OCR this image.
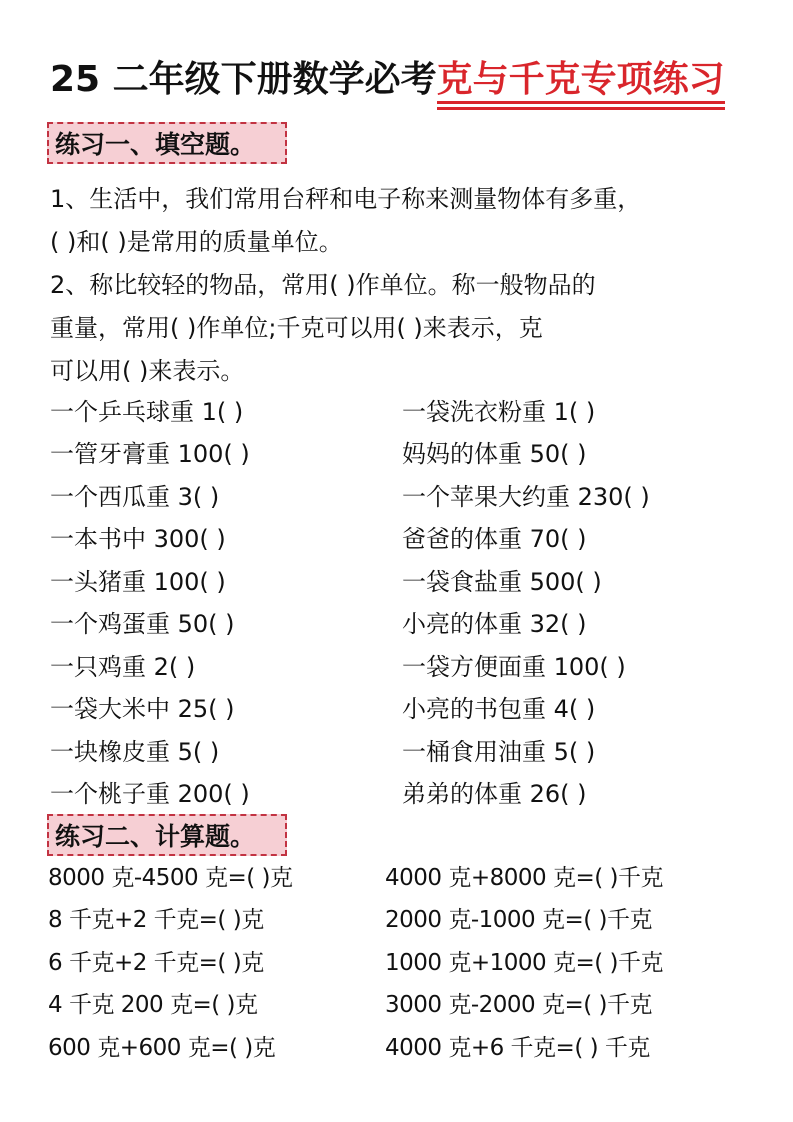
25 二年级下册数学必考克与千克专项练习
练习一、填空题。
1、生活中，我们常用台秤和电子称来测量物体有多重，
( )和( )是常用的质量单位。
2、称比较轻的物品，常用( )作单位。称一般物品的
重量，常用( )作单位;千克可以用( )来表示，克
可以用( )来表示。
一个乒乓球重 1( )	一袋洗衣粉重 1( )
一管牙膏重 100( )	妈妈的体重 50( )
一个西瓜重 3( )	一个苹果大约重 230( )
一本书中 300( )	爸爸的体重 70( )
一头猪重 100( )	一袋食盐重 500( )
一个鸡蛋重 50( )	小亮的体重 32( )
一只鸡重 2( )	一袋方便面重 100( )
一袋大米中 25( )	小亮的书包重 4( )
一块橡皮重 5( )	一桶食用油重 5( )
一个桃子重 200( )	弟弟的体重 26( )
练习二、计算题。
8000 克-4500 克=( )克	4000 克+8000 克=( )千克
8 千克+2 千克=( )克	2000 克-1000 克=( )千克
6 千克+2 千克=( )克	1000 克+1000 克=( )千克
4 千克 200 克=( )克	3000 克-2000 克=( )千克
600 克+600 克=( )克	4000 克+6 千克=( ) 千克
